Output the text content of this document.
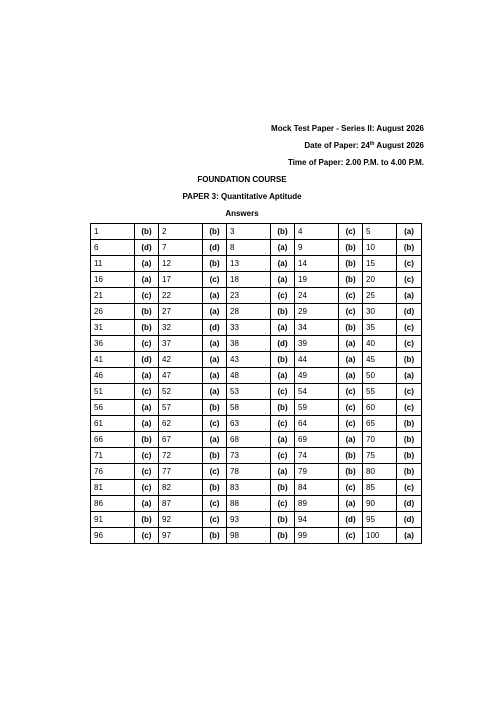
Mock Test Paper - Series II: August 2026
Date of Paper: 24th August 2026
Time of Paper: 2.00 P.M. to 4.00 P.M.
FOUNDATION COURSE
PAPER 3: Quantitative Aptitude
Answers
1	(b)	2	(b)	3	(b)	4	(c)	5	(a)
6	(d)	7	(d)	8	(a)	9	(b)	10	(b)
11	(a)	12	(b)	13	(a)	14	(b)	15	(c)
16	(a)	17	(c)	18	(a)	19	(b)	20	(c)
21	(c)	22	(a)	23	(c)	24	(c)	25	(a)
26	(b)	27	(a)	28	(b)	29	(c)	30	(d)
31	(b)	32	(d)	33	(a)	34	(b)	35	(c)
36	(c)	37	(a)	38	(d)	39	(a)	40	(c)
41	(d)	42	(a)	43	(b)	44	(a)	45	(b)
46	(a)	47	(a)	48	(a)	49	(a)	50	(a)
51	(c)	52	(a)	53	(c)	54	(c)	55	(c)
56	(a)	57	(b)	58	(b)	59	(c)	60	(c)
61	(a)	62	(c)	63	(c)	64	(c)	65	(b)
66	(b)	67	(a)	68	(a)	69	(a)	70	(b)
71	(c)	72	(b)	73	(c)	74	(b)	75	(b)
76	(c)	77	(c)	78	(a)	79	(b)	80	(b)
81	(c)	82	(b)	83	(b)	84	(c)	85	(c)
86	(a)	87	(c)	88	(c)	89	(a)	90	(d)
91	(b)	92	(c)	93	(b)	94	(d)	95	(d)
96	(c)	97	(b)	98	(b)	99	(c)	100	(a)
